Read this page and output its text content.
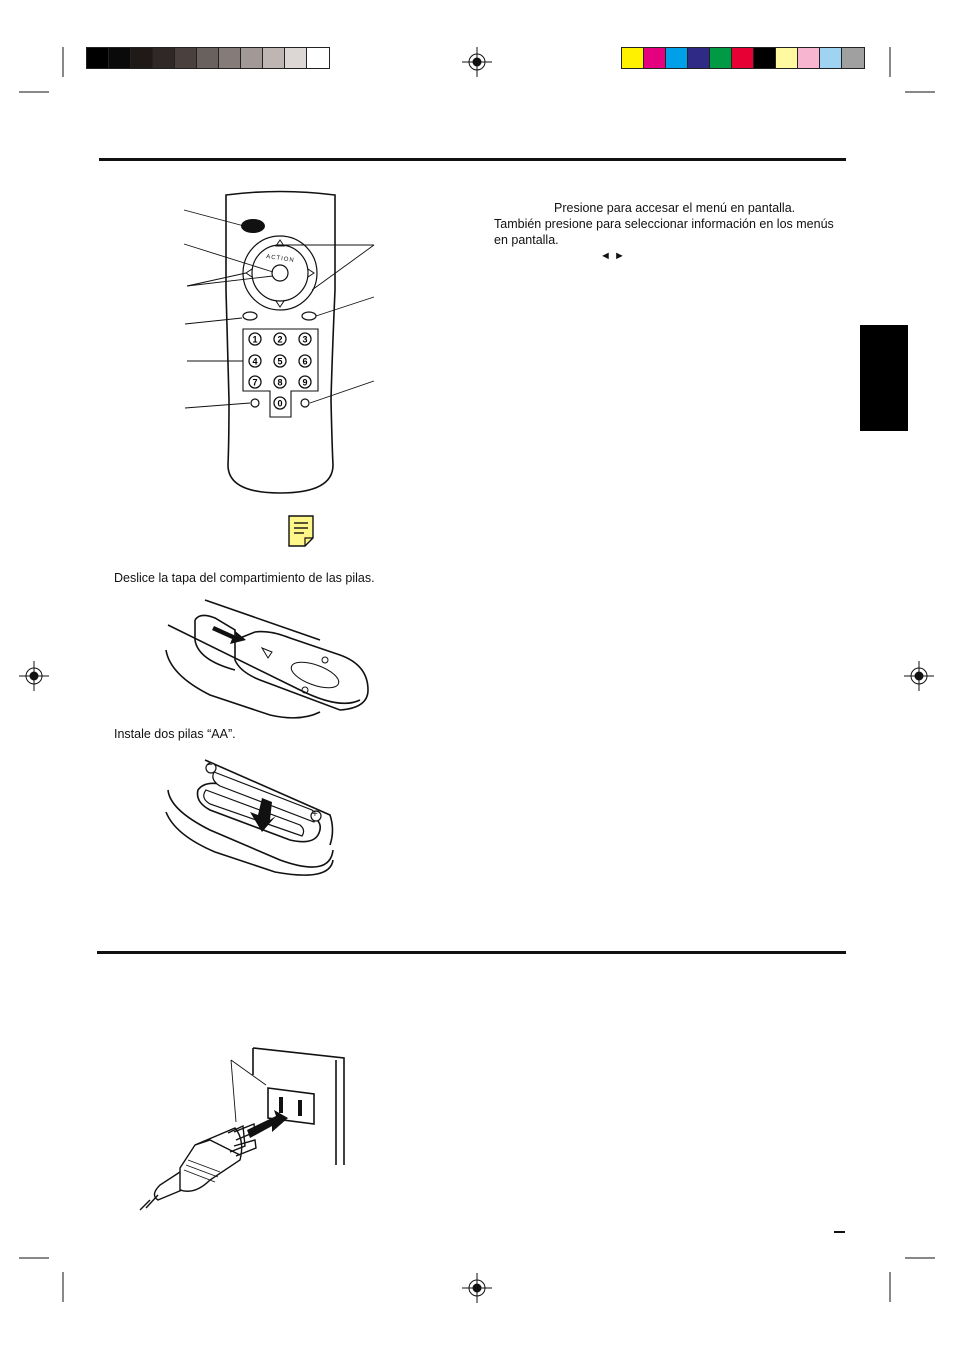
Presione para accesar el menú en pantalla.
También presione para seleccionar información en los menús
en pantalla.
◄ ►
1 2 3
4 5 6
7 8 9
0
ACTION
Deslice la tapa del compartimiento de las pilas.
Instale dos pilas “AA”.
−
+
